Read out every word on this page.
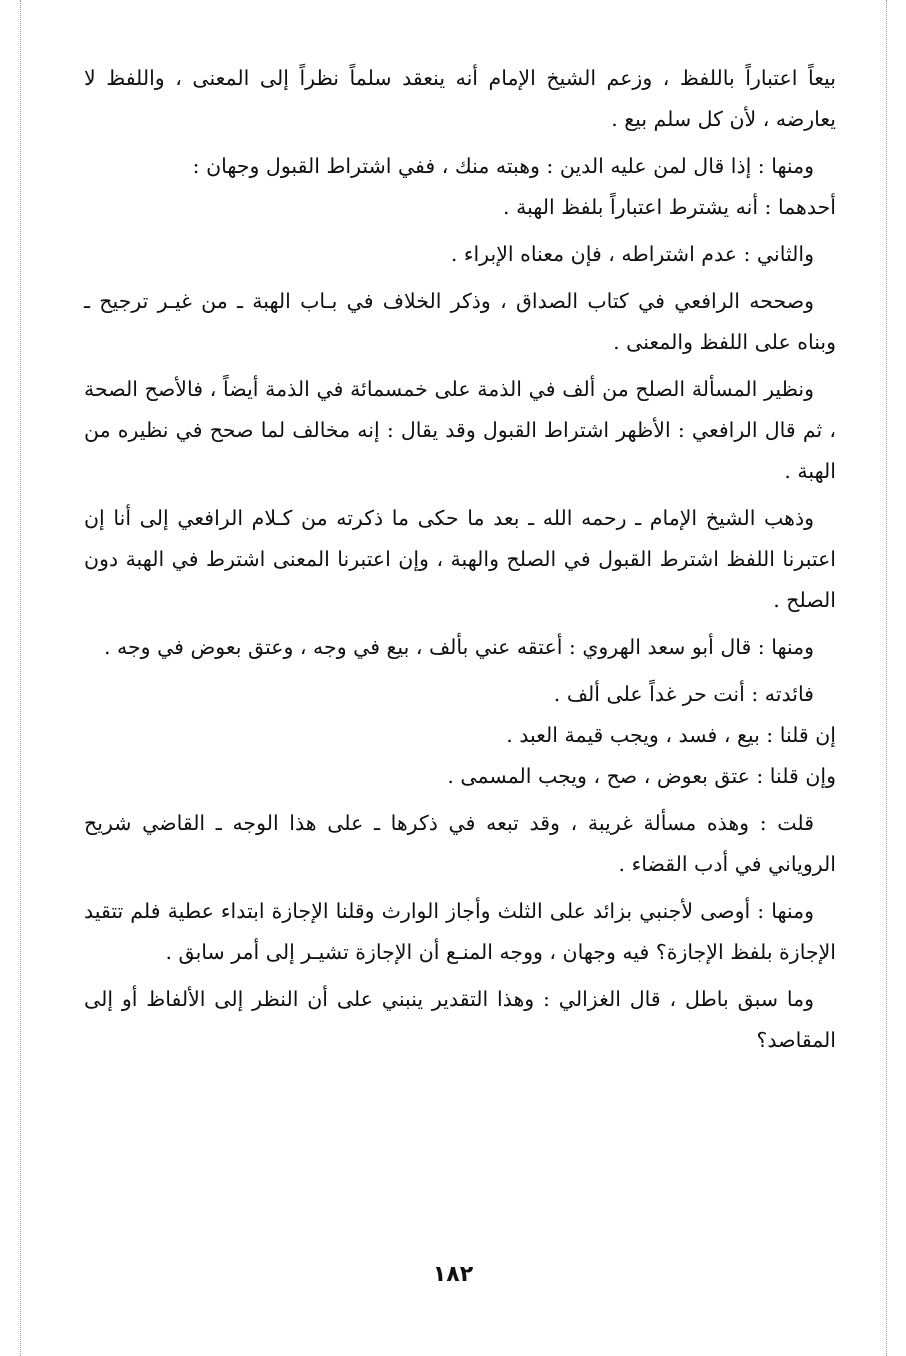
بيعاً اعتباراً باللفظ ، وزعم الشيخ الإمام أنه ينعقد سلماً نظراً إلى المعنى ، واللفظ لا يعارضه ، لأن كل سلم بيع .

ومنها : إذا قال لمن عليه الدين : وهبته منك ، ففي اشتراط القبول وجهان :

أحدهما : أنه يشترط اعتباراً بلفظ الهبة .

والثاني : عدم اشتراطه ، فإن معناه الإبراء .

وصححه الرافعي في كتاب الصداق ، وذكر الخلاف في بـاب الهبة ـ من غيـر ترجيح ـ وبناه على اللفظ والمعنى .

ونظير المسألة الصلح من ألف في الذمة على خمسمائة في الذمة أيضاً ، فالأصح الصحة ، ثم قال الرافعي : الأظهر اشتراط القبول وقد يقال : إنه مخالف لما صحح في نظيره من الهبة .

وذهب الشيخ الإمام ـ رحمه الله ـ بعد ما حكى ما ذكرته من كـلام الرافعي إلى أنا إن اعتبرنا اللفظ اشترط القبول في الصلح والهبة ، وإن اعتبرنا المعنى اشترط في الهبة دون الصلح .

ومنها : قال أبو سعد الهروي : أعتقه عني بألف ، بيع في وجه ، وعتق بعوض في وجه .

فائدته : أنت حر غداً على ألف .

إن قلنا : بيع ، فسد ، ويجب قيمة العبد .

وإن قلنا : عتق بعوض ، صح ، ويجب المسمى .

قلت : وهذه مسألة غريبة ، وقد تبعه في ذكرها ـ على هذا الوجه ـ القاضي شريح الروياني في أدب القضاء .

ومنها : أوصى لأجنبي بزائد على الثلث وأجاز الوارث وقلنا الإجازة ابتداء عطية فلم تتقيد الإجازة بلفظ الإجازة؟ فيه وجهان ، ووجه المنـع أن الإجازة تشيـر إلى أمر سابق .

وما سبق باطل ، قال الغزالي : وهذا التقدير ينبني على أن النظر إلى الألفاظ أو إلى المقاصد؟

١٨٢
